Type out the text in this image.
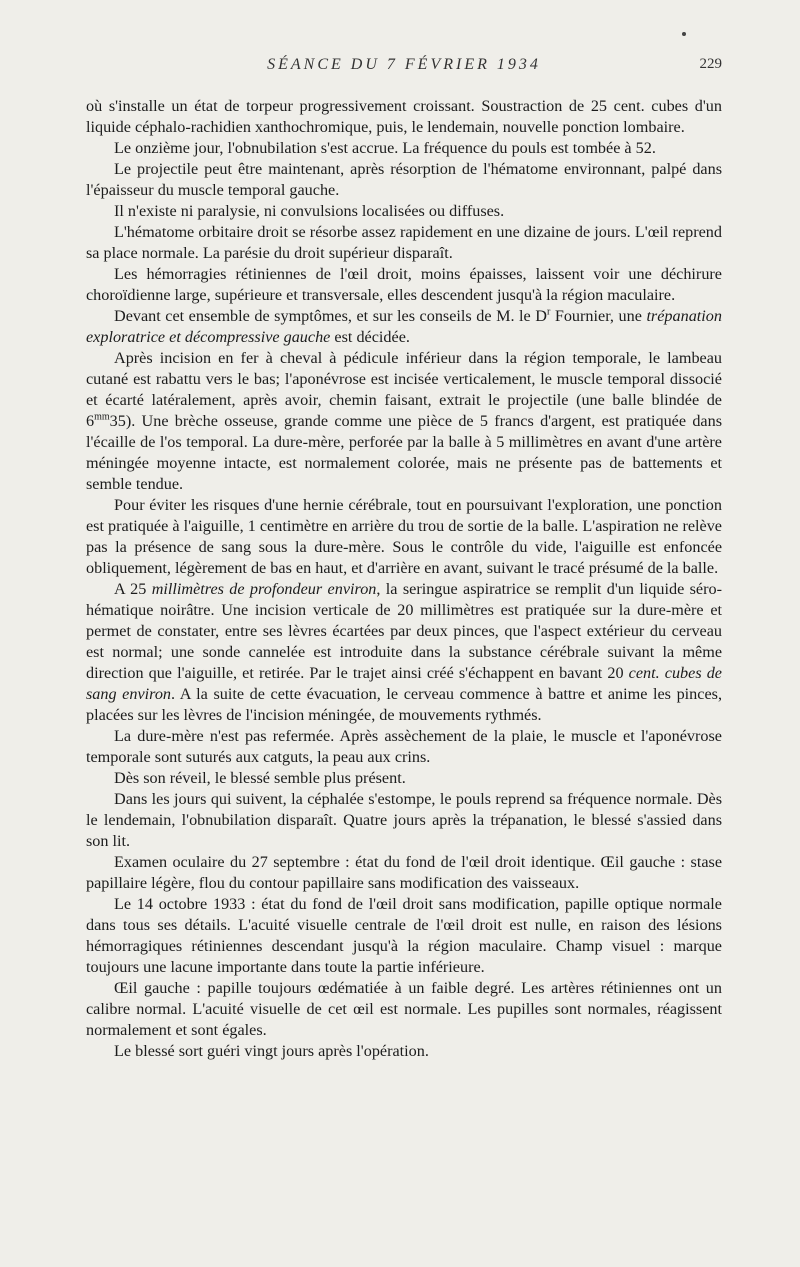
SÉANCE DU 7 FÉVRIER 1934	229

où s'installe un état de torpeur progressivement croissant. Soustraction de 25 cent. cubes d'un liquide céphalo-rachidien xanthochromique, puis, le lendemain, nouvelle ponction lombaire.

Le onzième jour, l'obnubilation s'est accrue. La fréquence du pouls est tombée à 52.

Le projectile peut être maintenant, après résorption de l'hématome environnant, palpé dans l'épaisseur du muscle temporal gauche.

Il n'existe ni paralysie, ni convulsions localisées ou diffuses.

L'hématome orbitaire droit se résorbe assez rapidement en une dizaine de jours. L'œil reprend sa place normale. La parésie du droit supérieur disparaît.

Les hémorragies rétiniennes de l'œil droit, moins épaisses, laissent voir une déchirure choroïdienne large, supérieure et transversale, elles descendent jusqu'à la région maculaire.

Devant cet ensemble de symptômes, et sur les conseils de M. le $D^r$ Fournier, une trépanation exploratrice et décompressive gauche est décidée.

Après incision en fer à cheval à pédicule inférieur dans la région temporale, le lambeau cutané est rabattu vers le bas; l'aponévrose est incisée verticalement, le muscle temporal dissocié et écarté latéralement, après avoir, chemin faisant, extrait le projectile (une balle blindée de $6^{mm}35$). Une brèche osseuse, grande comme une pièce de 5 francs d'argent, est pratiquée dans l'écaille de l'os temporal. La dure-mère, perforée par la balle à 5 millimètres en avant d'une artère méningée moyenne intacte, est normalement colorée, mais ne présente pas de battements et semble tendue.

Pour éviter les risques d'une hernie cérébrale, tout en poursuivant l'exploration, une ponction est pratiquée à l'aiguille, 1 centimètre en arrière du trou de sortie de la balle. L'aspiration ne relève pas la présence de sang sous la dure-mère. Sous le contrôle du vide, l'aiguille est enfoncée obliquement, légèrement de bas en haut, et d'arrière en avant, suivant le tracé présumé de la balle.

A 25 millimètres de profondeur environ, la seringue aspiratrice se remplit d'un liquide séro-hématique noirâtre. Une incision verticale de 20 millimètres est pratiquée sur la dure-mère et permet de constater, entre ses lèvres écartées par deux pinces, que l'aspect extérieur du cerveau est normal; une sonde cannelée est introduite dans la substance cérébrale suivant la même direction que l'aiguille, et retirée. Par le trajet ainsi créé s'échappent en bavant 20 cent. cubes de sang environ. A la suite de cette évacuation, le cerveau commence à battre et anime les pinces, placées sur les lèvres de l'incision méningée, de mouvements rythmés.

La dure-mère n'est pas refermée. Après assèchement de la plaie, le muscle et l'aponévrose temporale sont suturés aux catguts, la peau aux crins.

Dès son réveil, le blessé semble plus présent.

Dans les jours qui suivent, la céphalée s'estompe, le pouls reprend sa fréquence normale. Dès le lendemain, l'obnubilation disparaît. Quatre jours après la trépanation, le blessé s'assied dans son lit.

Examen oculaire du 27 septembre : état du fond de l'œil droit identique. Œil gauche : stase papillaire légère, flou du contour papillaire sans modification des vaisseaux.

Le 14 octobre 1933 : état du fond de l'œil droit sans modification, papille optique normale dans tous ses détails. L'acuité visuelle centrale de l'œil droit est nulle, en raison des lésions hémorragiques rétiniennes descendant jusqu'à la région maculaire. Champ visuel : marque toujours une lacune importante dans toute la partie inférieure.

Œil gauche : papille toujours œdématiée à un faible degré. Les artères rétiniennes ont un calibre normal. L'acuité visuelle de cet œil est normale. Les pupilles sont normales, réagissent normalement et sont égales.

Le blessé sort guéri vingt jours après l'opération.
